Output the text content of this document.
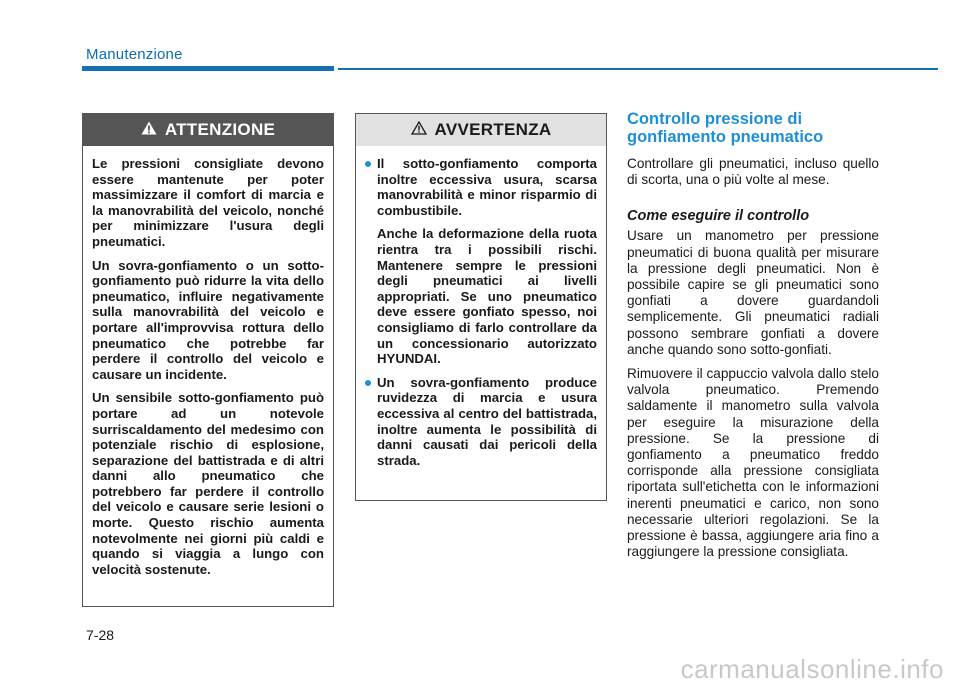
Manutenzione
ATTENZIONE

Le pressioni consigliate devono essere mantenute per poter massimizzare il comfort di marcia e la manovrabilità del veicolo, nonché per minimizzare l'usura degli pneumatici.

Un sovra-gonfiamento o un sotto-gonfiamento può ridurre la vita dello pneumatico, influire negativamente sulla manovrabilità del veicolo e portare all'improvvisa rottura dello pneumatico che potrebbe far perdere il controllo del veicolo e causare un incidente.

Un sensibile sotto-gonfiamento può portare ad un notevole surriscaldamento del medesimo con potenziale rischio di esplosione, separazione del battistrada e di altri danni allo pneumatico che potrebbero far perdere il controllo del veicolo e causare serie lesioni o morte. Questo rischio aumenta notevolmente nei giorni più caldi e quando si viaggia a lungo con velocità sostenute.

AVVERTENZA

Il sotto-gonfiamento comporta inoltre eccessiva usura, scarsa manovrabilità e minor risparmio di combustibile.

Anche la deformazione della ruota rientra tra i possibili rischi. Mantenere sempre le pressioni degli pneumatici ai livelli appropriati. Se uno pneumatico deve essere gonfiato spesso, noi consigliamo di farlo controllare da un concessionario autorizzato HYUNDAI.

Un sovra-gonfiamento produce ruvidezza di marcia e usura eccessiva al centro del battistrada, inoltre aumenta le possibilità di danni causati dai pericoli della strada.

Controllo pressione di gonfiamento pneumatico

Controllare gli pneumatici, incluso quello di scorta, una o più volte al mese.

Come eseguire il controllo

Usare un manometro per pressione pneumatici di buona qualità per misurare la pressione degli pneumatici. Non è possibile capire se gli pneumatici sono gonfiati a dovere guardandoli semplicemente. Gli pneumatici radiali possono sembrare gonfiati a dovere anche quando sono sotto-gonfiati.

Rimuovere il cappuccio valvola dallo stelo valvola pneumatico. Premendo saldamente il manometro sulla valvola per eseguire la misurazione della pressione. Se la pressione di gonfiamento a pneumatico freddo corrisponde alla pressione consigliata riportata sull'etichetta con le informazioni inerenti pneumatici e carico, non sono necessarie ulteriori regolazioni. Se la pressione è bassa, aggiungere aria fino a raggiungere la pressione consigliata.

7-28
carmanualsonline.info
